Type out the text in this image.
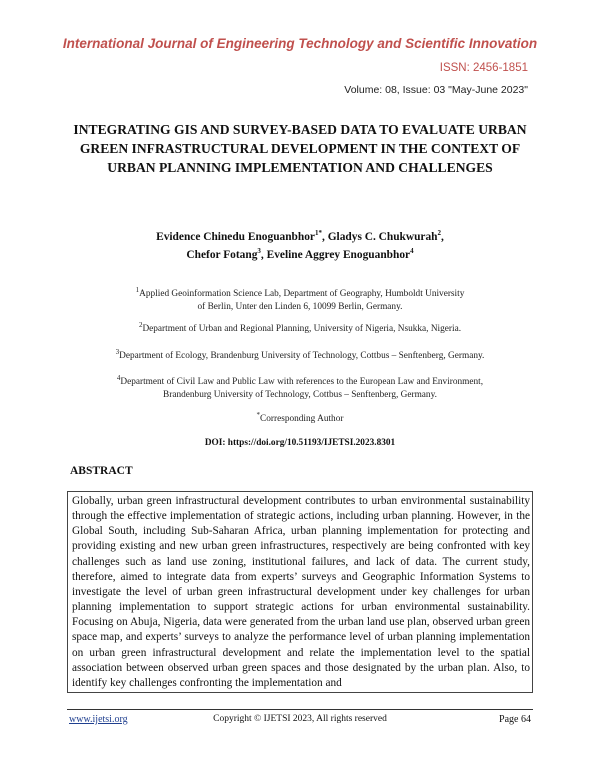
International Journal of Engineering Technology and Scientific Innovation
ISSN: 2456-1851
Volume: 08, Issue: 03 "May-June 2023"
INTEGRATING GIS AND SURVEY-BASED DATA TO EVALUATE URBAN GREEN INFRASTRUCTURAL DEVELOPMENT IN THE CONTEXT OF URBAN PLANNING IMPLEMENTATION AND CHALLENGES
Evidence Chinedu Enoguanbhor$^{1*}$, Gladys C. Chukwurah$^2$,
Chefor Fotang$^3$, Eveline Aggrey Enoguanbhor$^4$
$^1$Applied Geoinformation Science Lab, Department of Geography, Humboldt University
of Berlin, Unter den Linden 6, 10099 Berlin, Germany.
$^2$Department of Urban and Regional Planning, University of Nigeria, Nsukka, Nigeria.
$^3$Department of Ecology, Brandenburg University of Technology, Cottbus – Senftenberg, Germany.
$^4$Department of Civil Law and Public Law with references to the European Law and Environment,
Brandenburg University of Technology, Cottbus – Senftenberg, Germany.
*Corresponding Author
DOI: https://doi.org/10.51193/IJETSI.2023.8301
ABSTRACT
Globally, urban green infrastructural development contributes to urban environmental sustainability through the effective implementation of strategic actions, including urban planning. However, in the Global South, including Sub-Saharan Africa, urban planning implementation for protecting and providing existing and new urban green infrastructures, respectively are being confronted with key challenges such as land use zoning, institutional failures, and lack of data. The current study, therefore, aimed to integrate data from experts’ surveys and Geographic Information Systems to investigate the level of urban green infrastructural development under key challenges for urban planning implementation to support strategic actions for urban environmental sustainability. Focusing on Abuja, Nigeria, data were generated from the urban land use plan, observed urban green space map, and experts’ surveys to analyze the performance level of urban planning implementation on urban green infrastructural development and relate the implementation level to the spatial association between observed urban green spaces and those designated by the urban plan. Also, to identify key challenges confronting the implementation and
www.ijetsi.org	Copyright © IJETSI 2023, All rights reserved	Page 64
